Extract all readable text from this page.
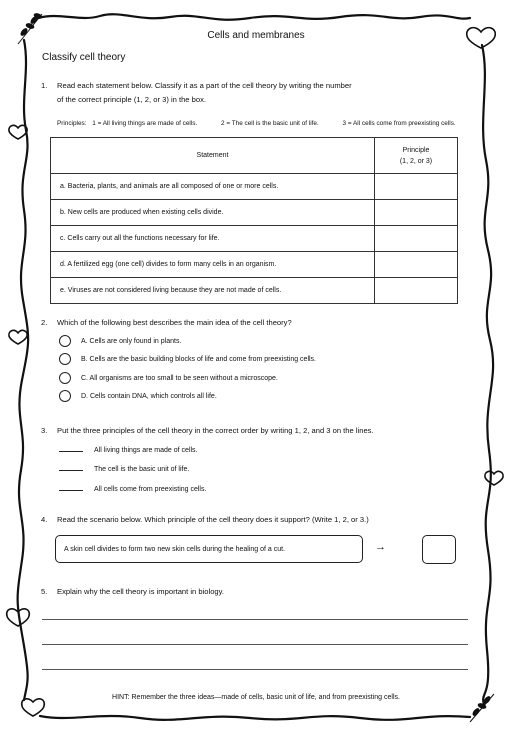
Cells and membranes
Classify cell theory
1. Read each statement below. Classify it as a part of the cell theory by writing the number
of the correct principle (1, 2, or 3) in the box.
Principles: 1 = All living things are made of cells.	2 = The cell is the basic unit of life.	3 = All cells come from preexisting cells.
Statement	Principle
(1, 2, or 3)
a. Bacteria, plants, and animals are all composed of one or more cells.	
b. New cells are produced when existing cells divide.	
c. Cells carry out all the functions necessary for life.	
d. A fertilized egg (one cell) divides to form many cells in an organism.	
e. Viruses are not considered living because they are not made of cells.	
2. Which of the following best describes the main idea of the cell theory?
A. Cells are only found in plants.
B. Cells are the basic building blocks of life and come from preexisting cells.
C. All organisms are too small to be seen without a microscope.
D. Cells contain DNA, which controls all life.
3. Put the three principles of the cell theory in the correct order by writing 1, 2, and 3 on the lines.
All living things are made of cells.
The cell is the basic unit of life.
All cells come from preexisting cells.
4. Read the scenario below. Which principle of the cell theory does it support? (Write 1, 2, or 3.)
A skin cell divides to form two new skin cells during the healing of a cut.	→
5. Explain why the cell theory is important in biology.
HINT: Remember the three ideas—made of cells, basic unit of life, and from preexisting cells.
